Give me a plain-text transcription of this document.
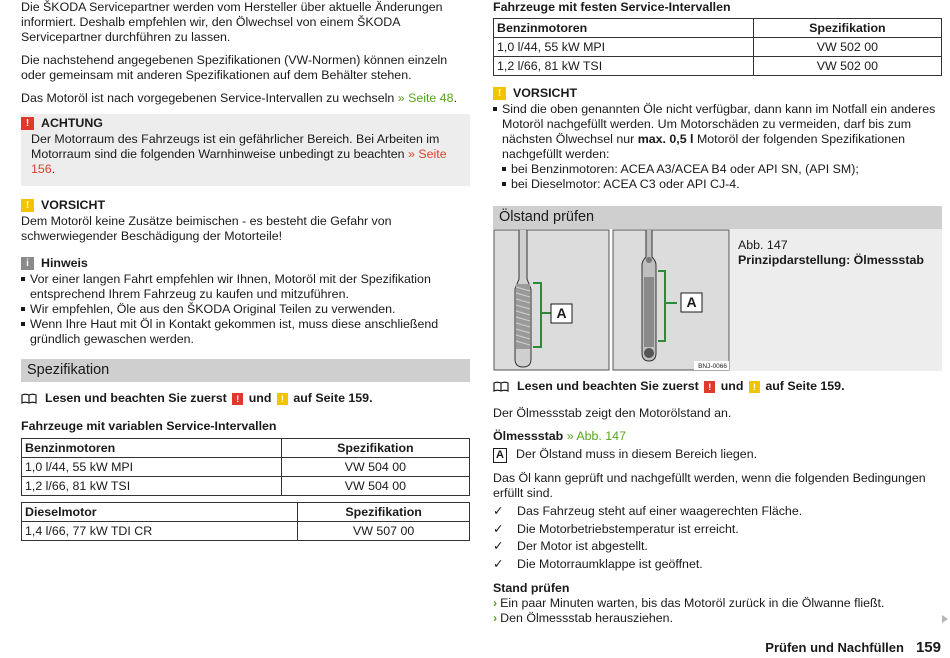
Die ŠKODA Servicepartner werden vom Hersteller über aktuelle Änderungen informiert. Deshalb empfehlen wir, den Ölwechsel von einem ŠKODA Servicepartner durchführen zu lassen.

Die nachstehend angegebenen Spezifikationen (VW-Normen) können einzeln oder gemeinsam mit anderen Spezifikationen auf dem Behälter stehen.

Das Motoröl ist nach vorgegebenen Service-Intervallen zu wechseln » Seite 48.

! ACHTUNG

Der Motorraum des Fahrzeugs ist ein gefährlicher Bereich. Bei Arbeiten im Motorraum sind die folgenden Warnhinweise unbedingt zu beachten » Seite 156.

! VORSICHT

Dem Motoröl keine Zusätze beimischen - es besteht die Gefahr von schwerwiegender Beschädigung der Motorteile!

i Hinweis

Vor einer langen Fahrt empfehlen wir Ihnen, Motoröl mit der Spezifikation entsprechend Ihrem Fahrzeug zu kaufen und mitzuführen.

Wir empfehlen, Öle aus den ŠKODA Original Teilen zu verwenden.

Wenn Ihre Haut mit Öl in Kontakt gekommen ist, muss diese anschließend gründlich gewaschen werden.

Spezifikation
Lesen und beachten Sie zuerst
	!
und
	!
auf Seite 159.

Fahrzeuge mit variablen Service-Intervallen

Benzinmotoren	Spezifikation
1,0 l/44, 55 kW MPI	VW 504 00
1,2 l/66, 81 kW TSI	VW 504 00
Dieselmotor	Spezifikation
1,4 l/66, 77 kW TDI CR	VW 507 00

Fahrzeuge mit festen Service-Intervallen

Benzinmotoren	Spezifikation
1,0 l/44, 55 kW MPI	VW 502 00
1,2 l/66, 81 kW TSI	VW 502 00
! VORSICHT

Sind die oben genannten Öle nicht verfügbar, dann kann im Notfall ein anderes Motoröl nachgefüllt werden. Um Motorschäden zu vermeiden, darf bis zum nächsten Ölwechsel nur max. 0,5 l Motoröl der folgenden Spezifikationen nachgefüllt werden:

bei Benzinmotoren: ACEA A3/ACEA B4 oder API SN, (API SM);

bei Dieselmotor: ACEA C3 oder API CJ-4.

Ölstand prüfen
A
A
BNJ-0066

Abb. 147

Prinzipdarstellung: Ölmessstab

Lesen und beachten Sie zuerst
	!
und
	!
auf Seite 159.

Der Ölmessstab zeigt den Motorölstand an.

Ölmessstab » Abb. 147

A Der Ölstand muss in diesem Bereich liegen.

Das Öl kann geprüft und nachgefüllt werden, wenn die folgenden Bedingungen erfüllt sind.

✓	Das Fahrzeug steht auf einer waagerechten Fläche.
✓	Die Motorbetriebstemperatur ist erreicht.
✓	Der Motor ist abgestellt.
✓	Die Motorraumklappe ist geöffnet.

Stand prüfen

› Ein paar Minuten warten, bis das Motoröl zurück in die Ölwanne fließt.

› Den Ölmessstab herausziehen.

Prüfen und Nachfüllen 159
